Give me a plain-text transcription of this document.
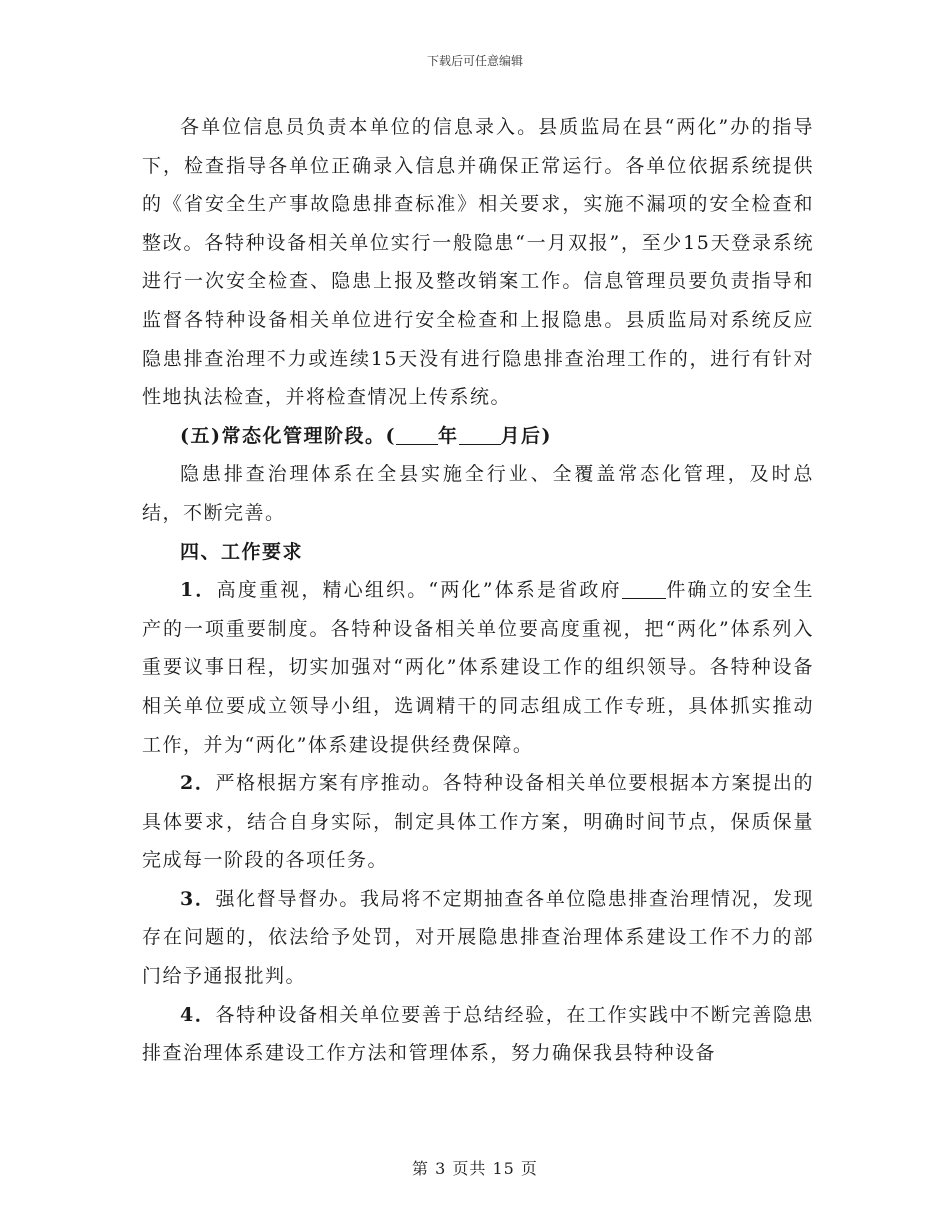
下载后可任意编辑

各单位信息员负责本单位的信息录入。县质监局在县“两化”办的指导下，检查指导各单位正确录入信息并确保正常运行。各单位依据系统提供的《省安全生产事故隐患排查标准》相关要求，实施不漏项的安全检查和整改。各特种设备相关单位实行一般隐患“一月双报”，至少15天登录系统进行一次安全检查、隐患上报及整改销案工作。信息管理员要负责指导和监督各特种设备相关单位进行安全检查和上报隐患。县质监局对系统反应隐患排查治理不力或连续15天没有进行隐患排查治理工作的，进行有针对性地执法检查，并将检查情况上传系统。

(五)常态化管理阶段。( 年 月后)

隐患排查治理体系在全县实施全行业、全覆盖常态化管理，及时总结，不断完善。

四、工作要求

1．高度重视，精心组织。“两化”体系是省政府 件确立的安全生产的一项重要制度。各特种设备相关单位要高度重视，把“两化”体系列入重要议事日程，切实加强对“两化”体系建设工作的组织领导。各特种设备相关单位要成立领导小组，选调精干的同志组成工作专班，具体抓实推动工作，并为“两化”体系建设提供经费保障。

2．严格根据方案有序推动。各特种设备相关单位要根据本方案提出的具体要求，结合自身实际，制定具体工作方案，明确时间节点，保质保量完成每一阶段的各项任务。

3．强化督导督办。我局将不定期抽查各单位隐患排查治理情况，发现存在问题的，依法给予处罚，对开展隐患排查治理体系建设工作不力的部门给予通报批判。

4．各特种设备相关单位要善于总结经验，在工作实践中不断完善隐患排查治理体系建设工作方法和管理体系，努力确保我县特种设备

第 3 页共 15 页
